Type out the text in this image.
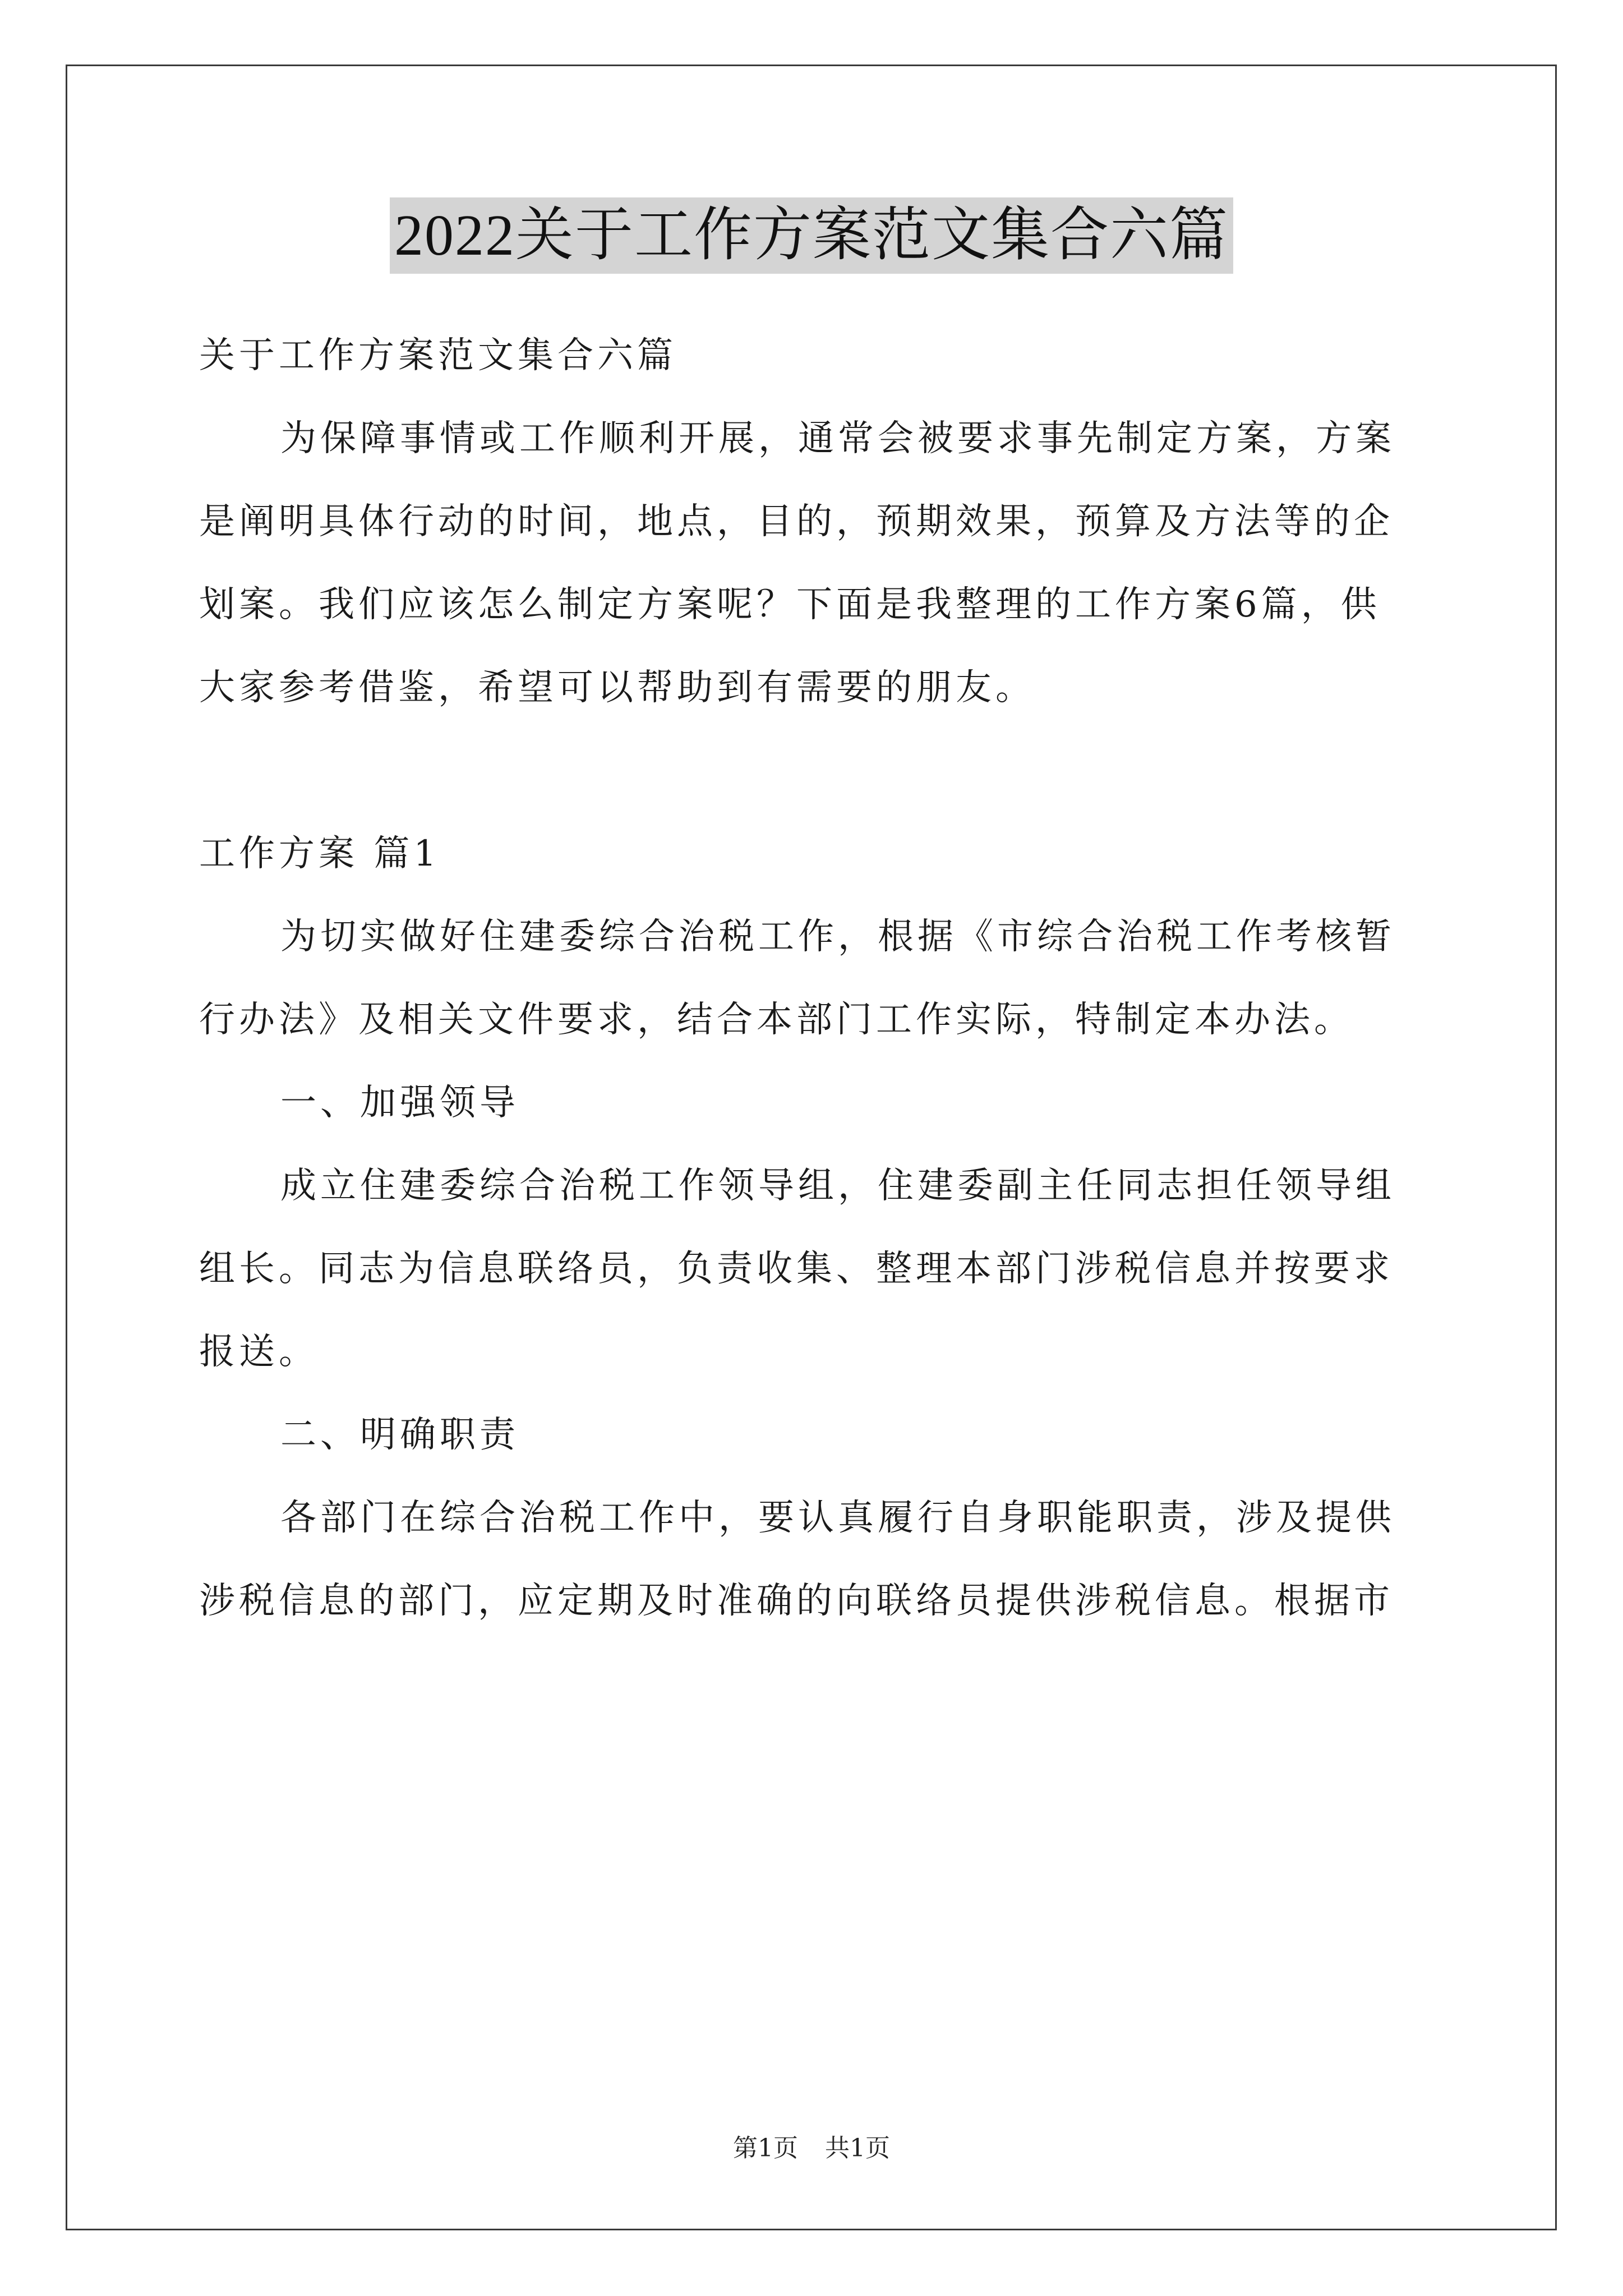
2022关于工作方案范文集合六篇
关于工作方案范文集合六篇
为保障事情或工作顺利开展，通常会被要求事先制定方案，方案
是阐明具体行动的时间，地点，目的，预期效果，预算及方法等的企
划案。我们应该怎么制定方案呢？下面是我整理的工作方案6篇，供
大家参考借鉴，希望可以帮助到有需要的朋友。
工作方案 篇1
为切实做好住建委综合治税工作，根据《市综合治税工作考核暂
行办法》及相关文件要求，结合本部门工作实际，特制定本办法。
一、加强领导
成立住建委综合治税工作领导组，住建委副主任同志担任领导组
组长。同志为信息联络员，负责收集、整理本部门涉税信息并按要求
报送。
二、明确职责
各部门在综合治税工作中，要认真履行自身职能职责，涉及提供
涉税信息的部门，应定期及时准确的向联络员提供涉税信息。根据市
第1页 共1页
